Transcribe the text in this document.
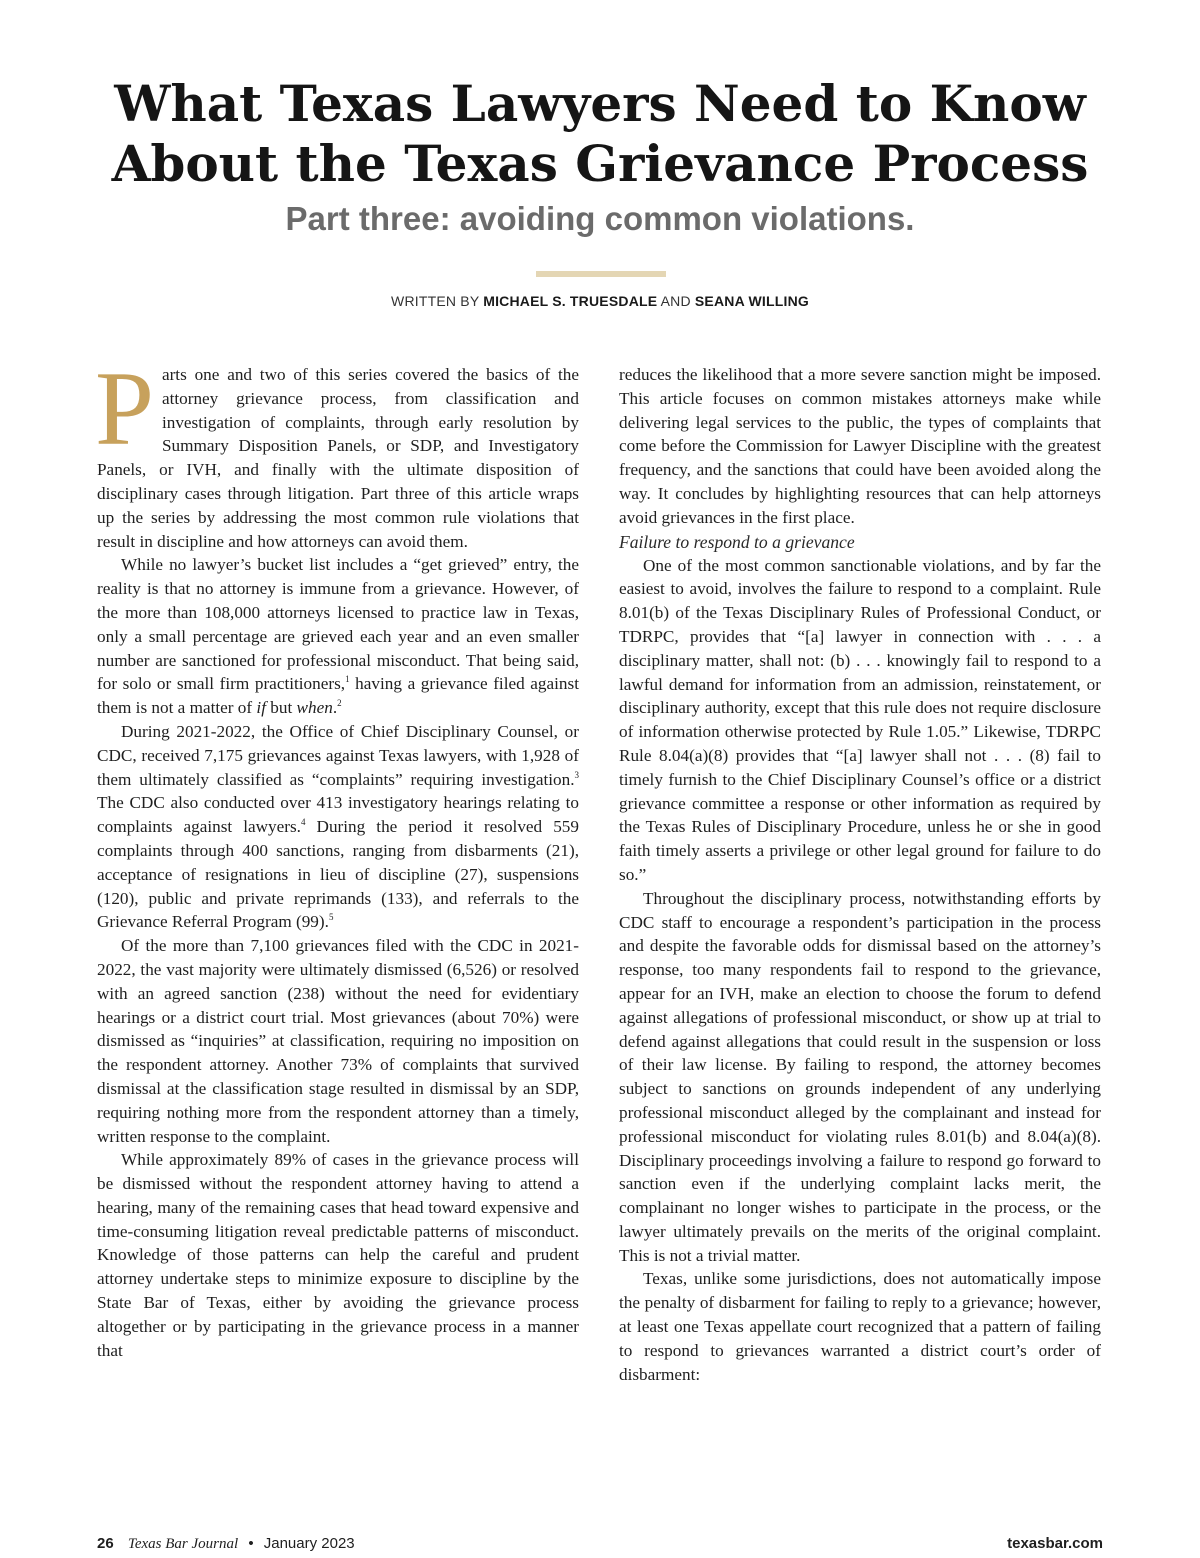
What Texas Lawyers Need to Know
About the Texas Grievance Process
Part three: avoiding common violations.
WRITTEN BY MICHAEL S. TRUESDALE AND SEANA WILLING

Parts one and two of this series covered the basics of the attorney grievance process, from classification and investigation of complaints, through early resolution by Summary Disposition Panels, or SDP, and Investigatory Panels, or IVH, and finally with the ultimate disposition of disciplinary cases through litigation. Part three of this article wraps up the series by addressing the most common rule violations that result in discipline and how attorneys can avoid them.

While no lawyer’s bucket list includes a “get grieved” entry, the reality is that no attorney is immune from a grievance. However, of the more than 108,000 attorneys licensed to practice law in Texas, only a small percentage are grieved each year and an even smaller number are sanctioned for professional misconduct. That being said, for solo or small firm practitioners,$^1$ having a grievance filed against them is not a matter of if but when.$^2$

During 2021-2022, the Office of Chief Disciplinary Counsel, or CDC, received 7,175 grievances against Texas lawyers, with 1,928 of them ultimately classified as “complaints” requiring investigation.$^3$ The CDC also conducted over 413 investigatory hearings relating to complaints against lawyers.$^4$ During the period it resolved 559 complaints through 400 sanctions, ranging from disbarments (21), acceptance of resignations in lieu of discipline (27), suspensions (120), public and private reprimands (133), and referrals to the Grievance Referral Program (99).$^5$

Of the more than 7,100 grievances filed with the CDC in 2021-2022, the vast majority were ultimately dismissed (6,526) or resolved with an agreed sanction (238) without the need for evidentiary hearings or a district court trial. Most grievances (about 70%) were dismissed as “inquiries” at classification, requiring no imposition on the respondent attorney. Another 73% of complaints that survived dismissal at the classification stage resulted in dismissal by an SDP, requiring nothing more from the respondent attorney than a timely, written response to the complaint.

While approximately 89% of cases in the grievance process will be dismissed without the respondent attorney having to attend a hearing, many of the remaining cases that head toward expensive and time-consuming litigation reveal predictable patterns of misconduct. Knowledge of those patterns can help the careful and prudent attorney undertake steps to minimize exposure to discipline by the State Bar of Texas, either by avoiding the grievance process altogether or by participating in the grievance process in a manner that

reduces the likelihood that a more severe sanction might be imposed. This article focuses on common mistakes attorneys make while delivering legal services to the public, the types of complaints that come before the Commission for Lawyer Discipline with the greatest frequency, and the sanctions that could have been avoided along the way. It concludes by highlighting resources that can help attorneys avoid grievances in the first place.

Failure to respond to a grievance

One of the most common sanctionable violations, and by far the easiest to avoid, involves the failure to respond to a complaint. Rule 8.01(b) of the Texas Disciplinary Rules of Professional Conduct, or TDRPC, provides that “[a] lawyer in connection with . . . a disciplinary matter, shall not: (b) . . . knowingly fail to respond to a lawful demand for information from an admission, reinstatement, or disciplinary authority, except that this rule does not require disclosure of information otherwise protected by Rule 1.05.” Likewise, TDRPC Rule 8.04(a)(8) provides that “[a] lawyer shall not . . . (8) fail to timely furnish to the Chief Disciplinary Counsel’s office or a district grievance committee a response or other information as required by the Texas Rules of Disciplinary Procedure, unless he or she in good faith timely asserts a privilege or other legal ground for failure to do so.”

Throughout the disciplinary process, notwithstanding efforts by CDC staff to encourage a respondent’s participation in the process and despite the favorable odds for dismissal based on the attorney’s response, too many respondents fail to respond to the grievance, appear for an IVH, make an election to choose the forum to defend against allegations of professional misconduct, or show up at trial to defend against allegations that could result in the suspension or loss of their law license. By failing to respond, the attorney becomes subject to sanctions on grounds independent of any underlying professional misconduct alleged by the complainant and instead for professional misconduct for violating rules 8.01(b) and 8.04(a)(8). Disciplinary proceedings involving a failure to respond go forward to sanction even if the underlying complaint lacks merit, the complainant no longer wishes to participate in the process, or the lawyer ultimately prevails on the merits of the original complaint. This is not a trivial matter.

Texas, unlike some jurisdictions, does not automatically impose the penalty of disbarment for failing to reply to a grievance; however, at least one Texas appellate court recognized that a pattern of failing to respond to grievances warranted a district court’s order of disbarment:

26 Texas Bar Journal • January 2023	texasbar.com
